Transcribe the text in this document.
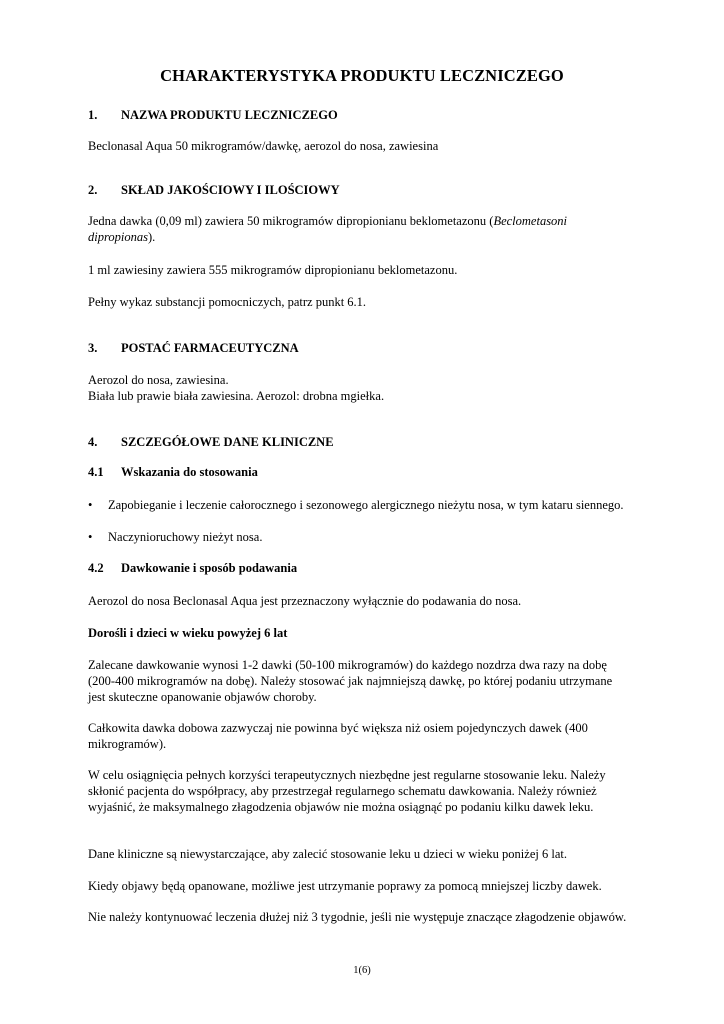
CHARAKTERYSTYKA PRODUKTU LECZNICZEGO
1. NAZWA PRODUKTU LECZNICZEGO

Beclonasal Aqua 50 mikrogramów/dawkę, aerozol do nosa, zawiesina

2. SKŁAD JAKOŚCIOWY I ILOŚCIOWY

Jedna dawka (0,09 ml) zawiera 50 mikrogramów dipropionianu beklometazonu (Beclometasoni dipropionas).

1 ml zawiesiny zawiera 555 mikrogramów dipropionianu beklometazonu.

Pełny wykaz substancji pomocniczych, patrz punkt 6.1.

3. POSTAĆ FARMACEUTYCZNA

Aerozol do nosa, zawiesina.
Biała lub prawie biała zawiesina. Aerozol: drobna mgiełka.

4. SZCZEGÓŁOWE DANE KLINICZNE
4.1 Wskazania do stosowania
•	Zapobieganie i leczenie całorocznego i sezonowego alergicznego nieżytu nosa, w tym kataru siennego.
•	Naczynioruchowy nieżyt nosa.
4.2 Dawkowanie i sposób podawania

Aerozol do nosa Beclonasal Aqua jest przeznaczony wyłącznie do podawania do nosa.

Dorośli i dzieci w wieku powyżej 6 lat

Zalecane dawkowanie wynosi 1-2 dawki (50-100 mikrogramów) do każdego nozdrza dwa razy na dobę (200-400 mikrogramów na dobę). Należy stosować jak najmniejszą dawkę, po której podaniu utrzymane jest skuteczne opanowanie objawów choroby.

Całkowita dawka dobowa zazwyczaj nie powinna być większa niż osiem pojedynczych dawek (400 mikrogramów).

W celu osiągnięcia pełnych korzyści terapeutycznych niezbędne jest regularne stosowanie leku. Należy skłonić pacjenta do współpracy, aby przestrzegał regularnego schematu dawkowania. Należy również wyjaśnić, że maksymalnego złagodzenia objawów nie można osiągnąć po podaniu kilku dawek leku.

Dane kliniczne są niewystarczające, aby zalecić stosowanie leku u dzieci w wieku poniżej 6 lat.

Kiedy objawy będą opanowane, możliwe jest utrzymanie poprawy za pomocą mniejszej liczby dawek.

Nie należy kontynuować leczenia dłużej niż 3 tygodnie, jeśli nie występuje znaczące złagodzenie objawów.

1(6)
